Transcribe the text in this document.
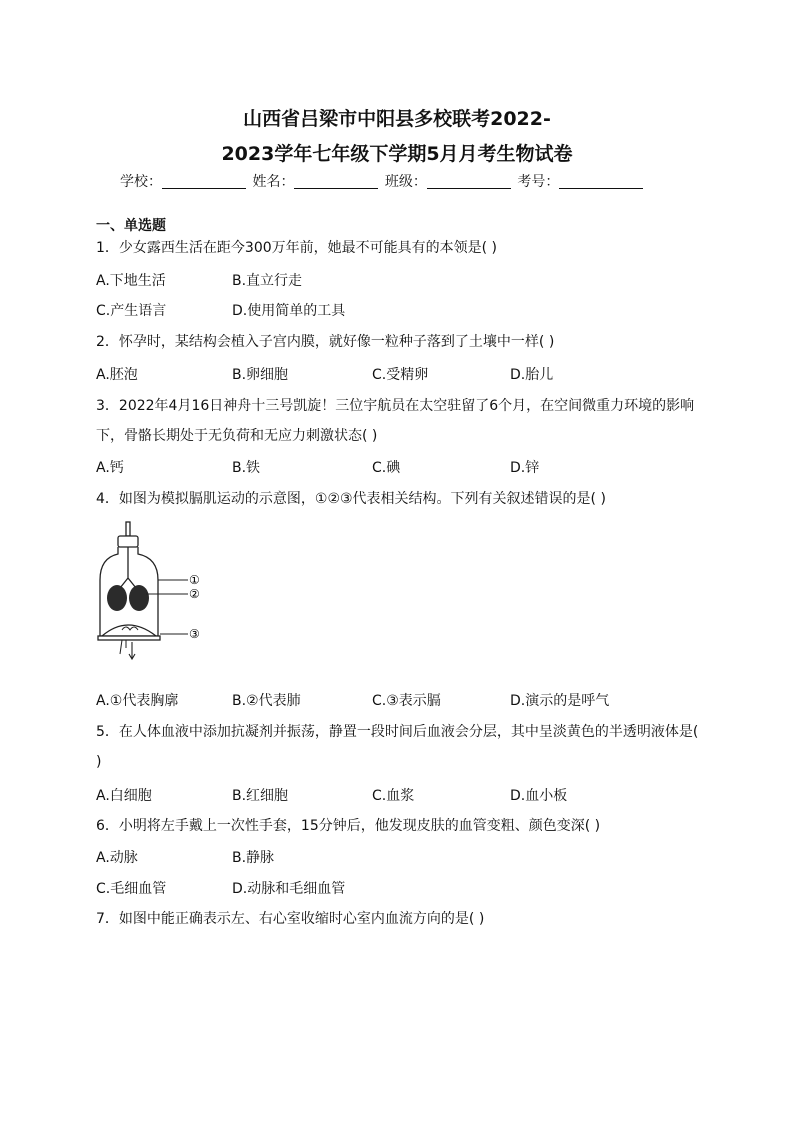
山西省吕梁市中阳县多校联考2022-
2023学年七年级下学期5月月考生物试卷
学校：	姓名：	班级：	考号：
一、单选题
1．少女露西生活在距今300万年前，她最不可能具有的本领是( )
A.下地生活	B.直立行走
C.产生语言	D.使用简单的工具
2．怀孕时，某结构会植入子宫内膜，就好像一粒种子落到了土壤中一样( )
A.胚泡	B.卵细胞	C.受精卵	D.胎儿
3．2022年4月16日神舟十三号凯旋！三位宇航员在太空驻留了6个月，在空间微重力环境的影响下，骨骼长期处于无负荷和无应力刺激状态( )
A.钙	B.铁	C.碘	D.锌
4．如图为模拟膈肌运动的示意图，①②③代表相关结构。下列有关叙述错误的是( )
①
②
③
A.①代表胸廓	B.②代表肺	C.③表示膈	D.演示的是呼气
5．在人体血液中添加抗凝剂并振荡，静置一段时间后血液会分层，其中呈淡黄色的半透明液体是( )
A.白细胞	B.红细胞	C.血浆	D.血小板
6．小明将左手戴上一次性手套，15分钟后，他发现皮肤的血管变粗、颜色变深( )
A.动脉	B.静脉
C.毛细血管	D.动脉和毛细血管
7．如图中能正确表示左、右心室收缩时心室内血流方向的是( )
